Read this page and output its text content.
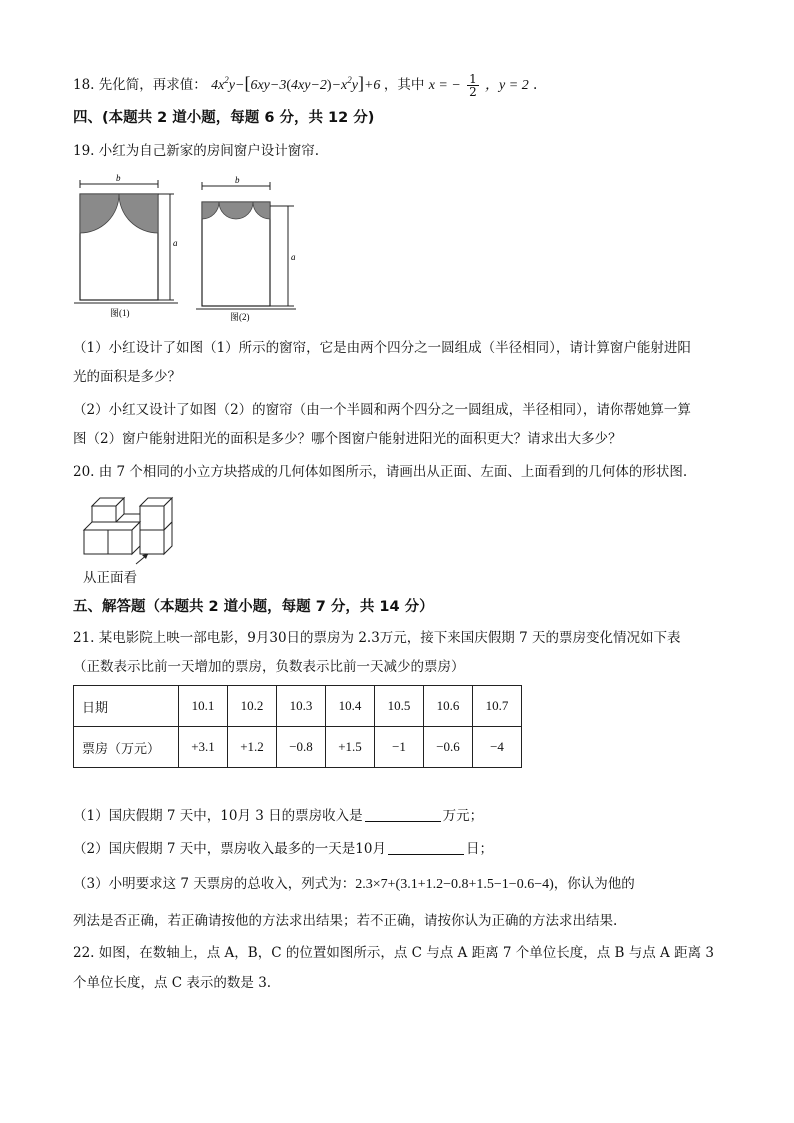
18. 先化简，再求值： $4x^2y-[6xy-3(4xy-2)-x^2y]+6$ ，其中 x = − $\frac{1}{2}$ ，y = 2 .
四、(本题共 2 道小题，每题 6 分，共 12 分)
19. 小红为自己新家的房间窗户设计窗帘.
b
a
图(1)
b
a
图(2)
（1）小红设计了如图（1）所示的窗帘，它是由两个四分之一圆组成（半径相同），请计算窗户能射进阳
光的面积是多少？
（2）小红又设计了如图（2）的窗帘（由一个半圆和两个四分之一圆组成，半径相同），请你帮她算一算
图（2）窗户能射进阳光的面积是多少？哪个图窗户能射进阳光的面积更大？请求出大多少？
20. 由 7 个相同的小立方块搭成的几何体如图所示，请画出从正面、左面、上面看到的几何体的形状图.
从正面看
五、解答题（本题共 2 道小题，每题 7 分，共 14 分）
21. 某电影院上映一部电影，9月30日的票房为 2.3万元，接下来国庆假期 7 天的票房变化情况如下表
（正数表示比前一天增加的票房，负数表示比前一天减少的票房）
日期	10.1	10.2	10.3	10.4	10.5	10.6	10.7
票房（万元）	+3.1	+1.2	−0.8	+1.5	−1	−0.6	−4
（1）国庆假期 7 天中，10月 3 日的票房收入是	万元；
（2）国庆假期 7 天中，票房收入最多的一天是10月	日；
（3）小明要求这 7 天票房的总收入，列式为：2.3×7+(3.1+1.2−0.8+1.5−1−0.6−4)，你认为他的
列法是否正确，若正确请按他的方法求出结果；若不正确，请按你认为正确的方法求出结果.
22. 如图，在数轴上，点 A，B，C 的位置如图所示，点 C 与点 A 距离 7 个单位长度，点 B 与点 A 距离 3
个单位长度，点 C 表示的数是 3.
